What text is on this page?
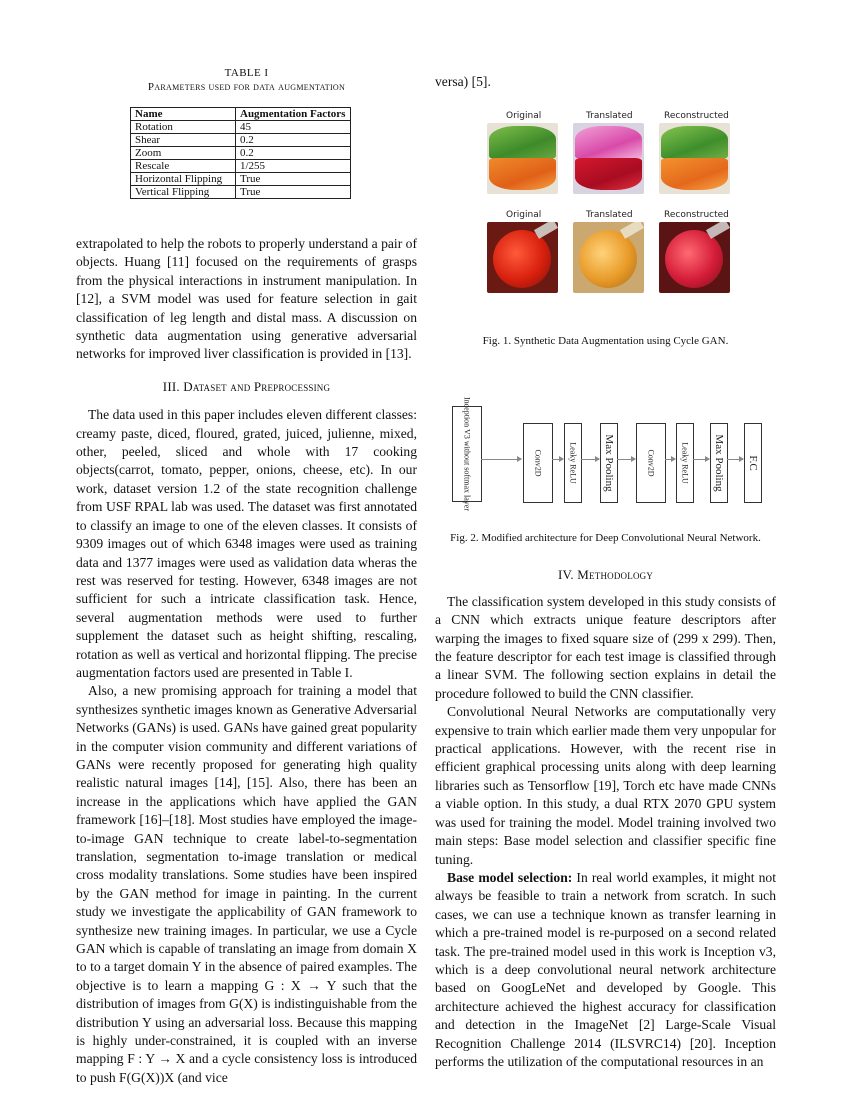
TABLE I
Parameters used for data augmentation
Name	Augmentation Factors
Rotation	45
Shear	0.2
Zoom	0.2
Rescale	1/255
Horizontal Flipping	True
Vertical Flipping	True

extrapolated to help the robots to properly understand a pair of objects. Huang [11] focused on the requirements of grasps from the physical interactions in instrument manipulation. In [12], a SVM model was used for feature selection in gait classification of leg length and distal mass. A discussion on synthetic data augmentation using generative adversarial networks for improved liver classification is provided in [13].

III. Dataset and Preprocessing

The data used in this paper includes eleven different classes: creamy paste, diced, floured, grated, juiced, julienne, mixed, other, peeled, sliced and whole with 17 cooking objects(carrot, tomato, pepper, onions, cheese, etc). In our work, dataset version 1.2 of the state recognition challenge from USF RPAL lab was used. The dataset was first annotated to classify an image to one of the eleven classes. It consists of 9309 images out of which 6348 images were used as training data and 1377 images were used as validation data wheras the rest was reserved for testing. However, 6348 images are not sufficient for such a intricate classification task. Hence, several augmentation methods were used to further supplement the dataset such as height shifting, rescaling, rotation as well as vertical and horizontal flipping. The precise augmentation factors used are presented in Table I.

Also, a new promising approach for training a model that synthesizes synthetic images known as Generative Adversarial Networks (GANs) is used. GANs have gained great popularity in the computer vision community and different variations of GANs were recently proposed for generating high quality realistic natural images [14], [15]. Also, there has been an increase in the applications which have applied the GAN framework [16]–[18]. Most studies have employed the image-to-image GAN technique to create label-to-segmentation translation, segmentation to-image translation or medical cross modality translations. Some studies have been inspired by the GAN method for image in painting. In the current study we investigate the applicability of GAN framework to synthesize new training images. In particular, we use a Cycle GAN which is capable of translating an image from domain X to to a target domain Y in the absence of paired examples. The objective is to learn a mapping G : X → Y such that the distribution of images from G(X) is indistinguishable from the distribution Y using an adversarial loss. Because this mapping is highly under-constrained, it is coupled with an inverse mapping F : Y → X and a cycle consistency loss is introduced to push F(G(X))X (and vice

versa) [5].

Original	Translated	Reconstructed
Original	Translated	Reconstructed
Fig. 1. Synthetic Data Augmentation using Cycle GAN.
Inception V3 without softmax layer	Conv2D	Leaky ReLU Max Pooling	Conv2D	Leaky ReLU Max Pooling F.C
Fig. 2. Modified architecture for Deep Convolutional Neural Network.
IV. Methodology

The classification system developed in this study consists of a CNN which extracts unique feature descriptors after warping the images to fixed square size of (299 x 299). Then, the feature descriptor for each test image is classified through a linear SVM. The following section explains in detail the procedure followed to build the CNN classifier.

Convolutional Neural Networks are computationally very expensive to train which earlier made them very unpopular for practical applications. However, with the recent rise in efficient graphical processing units along with deep learning libraries such as Tensorflow [19], Torch etc have made CNNs a viable option. In this study, a dual RTX 2070 GPU system was used for training the model. Model training involved two main steps: Base model selection and classifier specific fine tuning.

Base model selection: In real world examples, it might not always be feasible to train a network from scratch. In such cases, we can use a technique known as transfer learning in which a pre-trained model is re-purposed on a second related task. The pre-trained model used in this work is Inception v3, which is a deep convolutional neural network architecture based on GoogLeNet and developed by Google. This architecture achieved the highest accuracy for classification and detection in the ImageNet [2] Large-Scale Visual Recognition Challenge 2014 (ILSVRC14) [20]. Inception performs the utilization of the computational resources in an
